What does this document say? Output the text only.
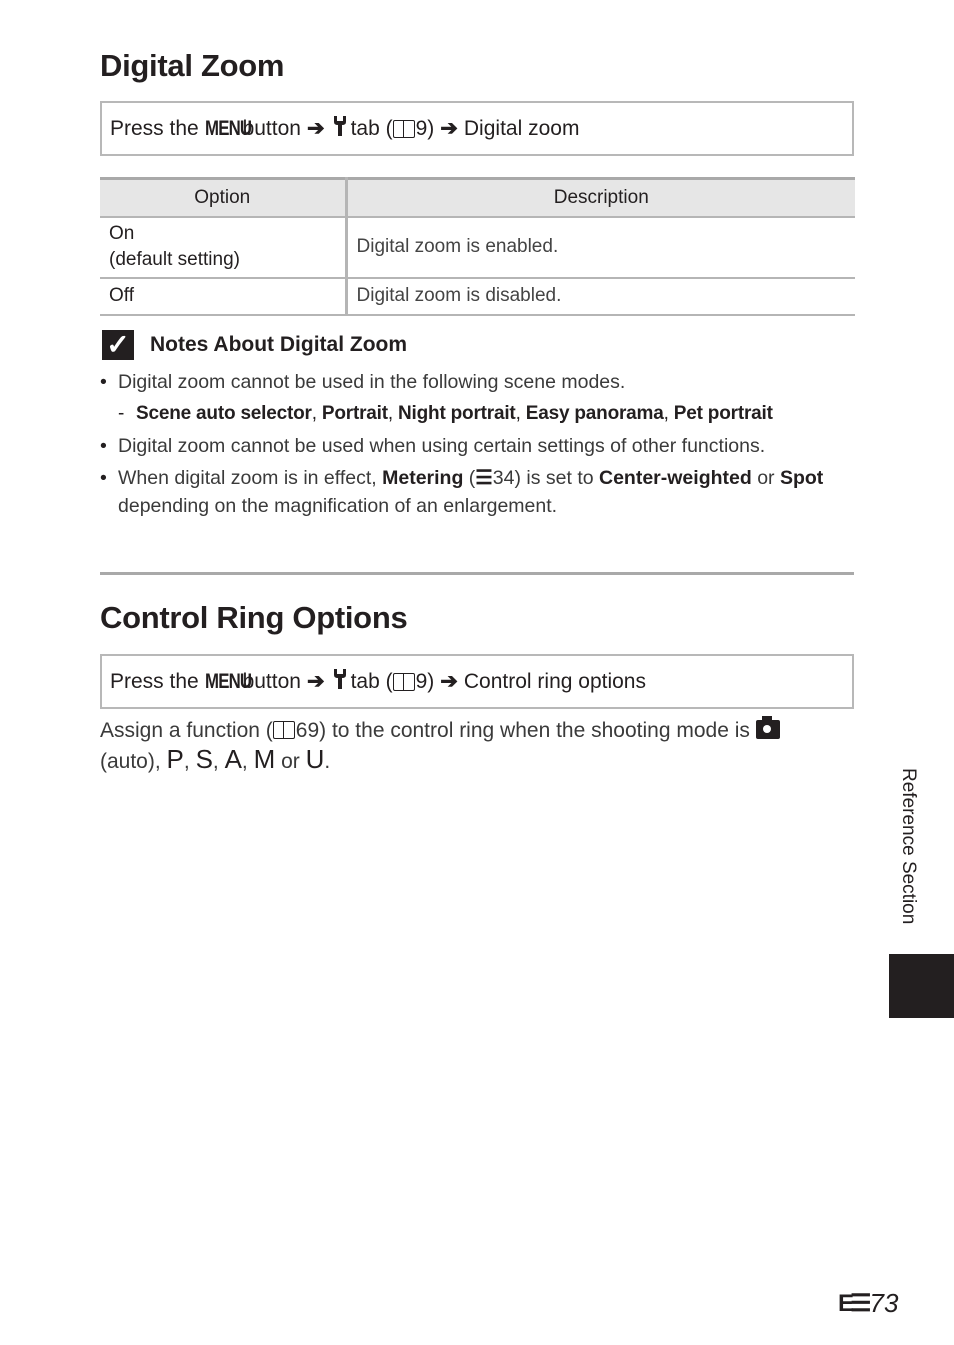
Digital Zoom
Press the
MENU
button ➔ tab ( 9) ➔ Digital zoom
Option	Description

On
(default setting)	Digital zoom is enabled.
Off	Digital zoom is disabled.
✓ Notes About Digital Zoom
• Digital zoom cannot be used in the following scene modes.
- Scene auto selector, Portrait, Night portrait, Easy panorama, Pet portrait
• Digital zoom cannot be used when using certain settings of other functions.
• When digital zoom is in effect, Metering (☰34) is set to Center-weighted or Spot depending on the magnification of an enlargement.
Control Ring Options
Press the
MENU
button ➔ tab ( 9) ➔ Control ring options
Assign a function ( 69) to the control ring when the shooting mode is
(auto), P, S, A, M or U.
Reference Section
E☰ 73
